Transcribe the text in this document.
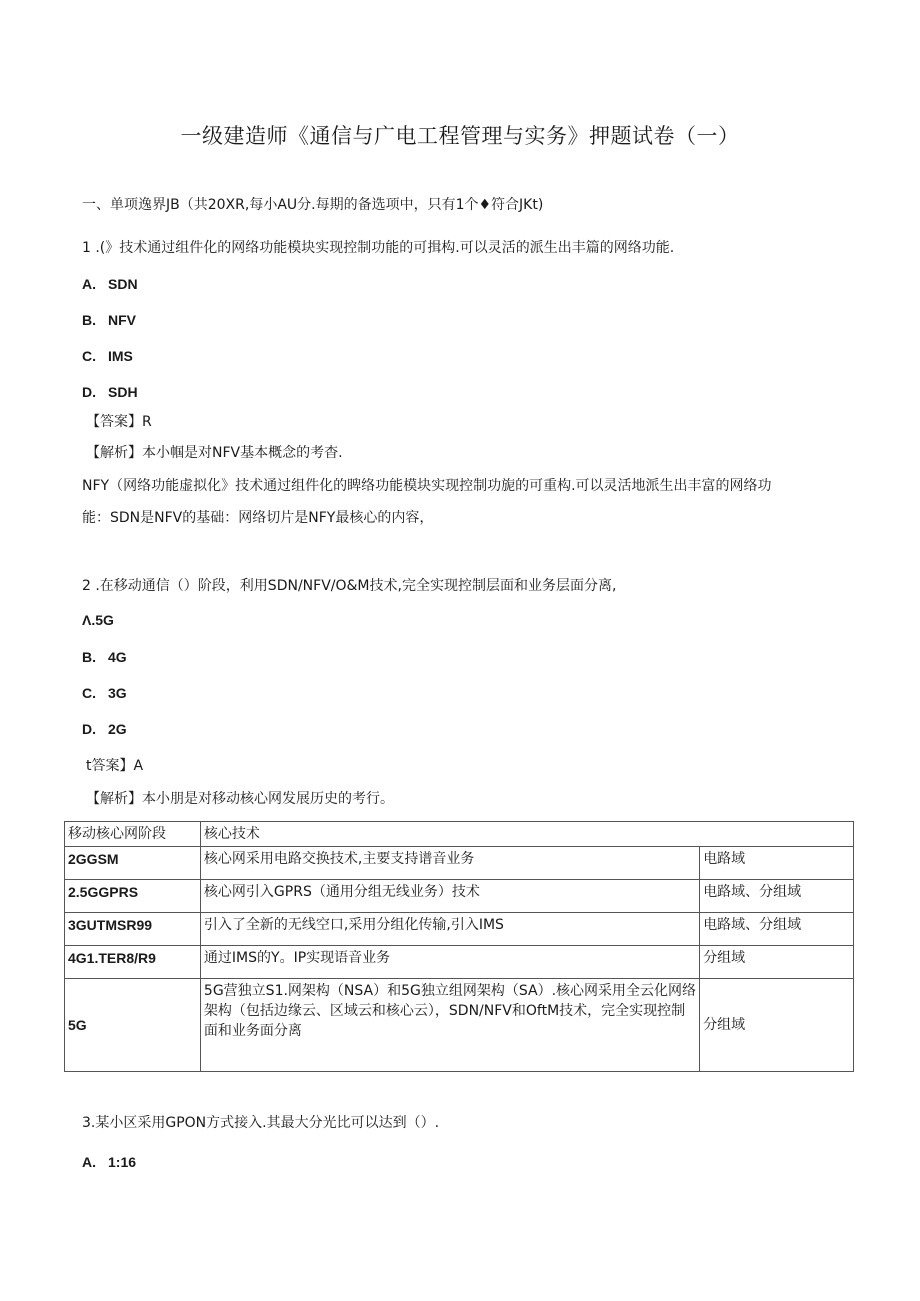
一级建造师《通信与广电工程管理与实务》押题试卷（一）
一、单项逸界JB（共20XR,每小AU分.每期的备选项中，只有1个♦符合JKt)
1 .(》技术通过组件化的网络功能模块实现控制功能的可揖构.可以灵活的派生出丰篇的网络功能.
A. SDN
B. NFV
C. IMS
D. SDH
【答案】R
【解析】本小帼是对NFV基本概念的考杳.
NFY（网络功能虚拟化》技术通过组件化的睥络功能模块实现控制功旎的可重构.可以灵活地派生出丰富的网络功
能：SDN是NFV的基础：网络切片是NFY最核心的内容，
2 .在移动通信（）阶段，利用SDN/NFV/O&M技术,完全实现控制层面和业务层面分离,
Λ.5G
B. 4G
C. 3G
D. 2G
t答案】A
【解析】本小朋是对移动核心网发展历史的考行。
移动核心网阶段	核心技术	
2GGSM	核心网采用电路交换技术,主要支持谱音业务	电路域
2.5GGPRS	核心网引入GPRS（通用分组无线业务）技术	电路域、分组域
3GUTMSR99	引入了全新的无线空口,采用分组化传输,引入IMS	电路域、分组域
4G1.TER8/R9	通过IMS的Y。IP实现语音业务	分组域
5G	5G营独立S1.网架构（NSA）和5G独立组网架构（SA）.核心网采用全云化网络架构（包括边缘云、区域云和核心云），SDN/NFV和OftM技术，完全实现控制面和业务面分离	分组域
3.某小区采用GPON方式接入.其最大分光比可以达到（）.
A. 1:16
